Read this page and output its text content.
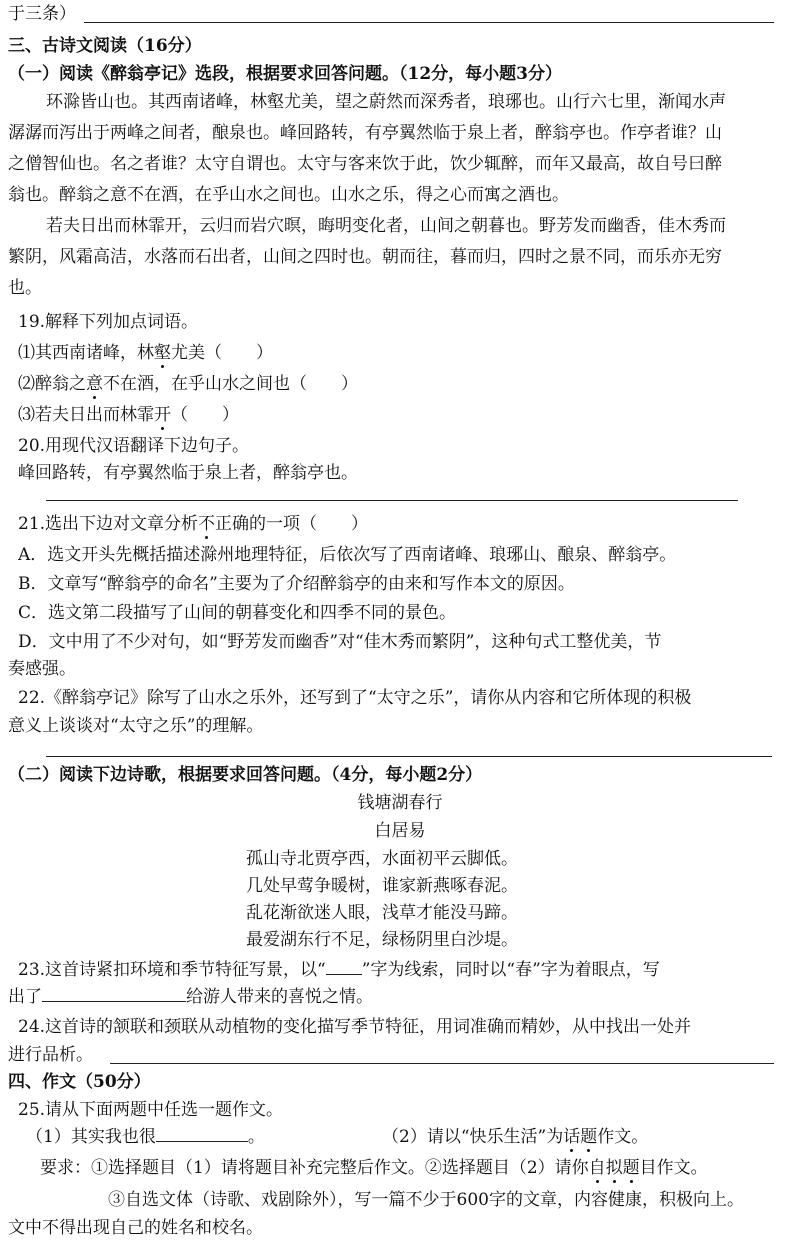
于三条）
三、古诗文阅读（16分）
（一）阅读《醉翁亭记》选段，根据要求回答问题。（12分，每小题3分）
环滁皆山也。其西南诸峰，林壑尤美，望之蔚然而深秀者，琅琊也。山行六七里，渐闻水声
潺潺而泻出于两峰之间者，酿泉也。峰回路转，有亭翼然临于泉上者，醉翁亭也。作亭者谁？山
之僧智仙也。名之者谁？太守自谓也。太守与客来饮于此，饮少辄醉，而年又最高，故自号曰醉
翁也。醉翁之意不在酒，在乎山水之间也。山水之乐，得之心而寓之酒也。
若夫日出而林霏开，云归而岩穴暝，晦明变化者，山间之朝暮也。野芳发而幽香，佳木秀而
繁阴，风霜高洁，水落而石出者，山间之四时也。朝而往，暮而归，四时之景不同，而乐亦无穷
也。
19.解释下列加点词语。
⑴其西南诸峰，林壑尤美（　　）
⑵醉翁之意不在酒，在乎山水之间也（　　）
⑶若夫日出而林霏开（　　）
20.用现代汉语翻译下边句子。
峰回路转，有亭翼然临于泉上者，醉翁亭也。
21.选出下边对文章分析不正确的一项（　　）
A．选文开头先概括描述滁州地理特征，后依次写了西南诸峰、琅琊山、酿泉、醉翁亭。
B．文章写“醉翁亭的命名”主要为了介绍醉翁亭的由来和写作本文的原因。
C．选文第二段描写了山间的朝暮变化和四季不同的景色。
D．文中用了不少对句，如“野芳发而幽香”对“佳木秀而繁阴”，这种句式工整优美，节
奏感强。
22.《醉翁亭记》除写了山水之乐外，还写到了“太守之乐”，请你从内容和它所体现的积极
意义上谈谈对“太守之乐”的理解。
（二）阅读下边诗歌，根据要求回答问题。（4分，每小题2分）
钱塘湖春行
白居易
孤山寺北贾亭西，水面初平云脚低。
几处早莺争暖树，谁家新燕啄春泥。
乱花渐欲迷人眼，浅草才能没马蹄。
最爱湖东行不足，绿杨阴里白沙堤。
23.这首诗紧扣环境和季节特征写景，以“ ”字为线索，同时以“春”字为着眼点，写
出了	给游人带来的喜悦之情。
24.这首诗的颔联和颈联从动植物的变化描写季节特征，用词准确而精妙，从中找出一处并
进行品析。
四、作文（50分）
25.请从下面两题中任选一题作文。
（1）其实我也很	。	（2）请以“快乐生活”为话题作文。
要求：①选择题目（1）请将题目补充完整后作文。②选择题目（2）请你自拟题目作文。
③自选文体（诗歌、戏剧除外），写一篇不少于600字的文章，内容健康，积极向上。
文中不得出现自己的姓名和校名。
